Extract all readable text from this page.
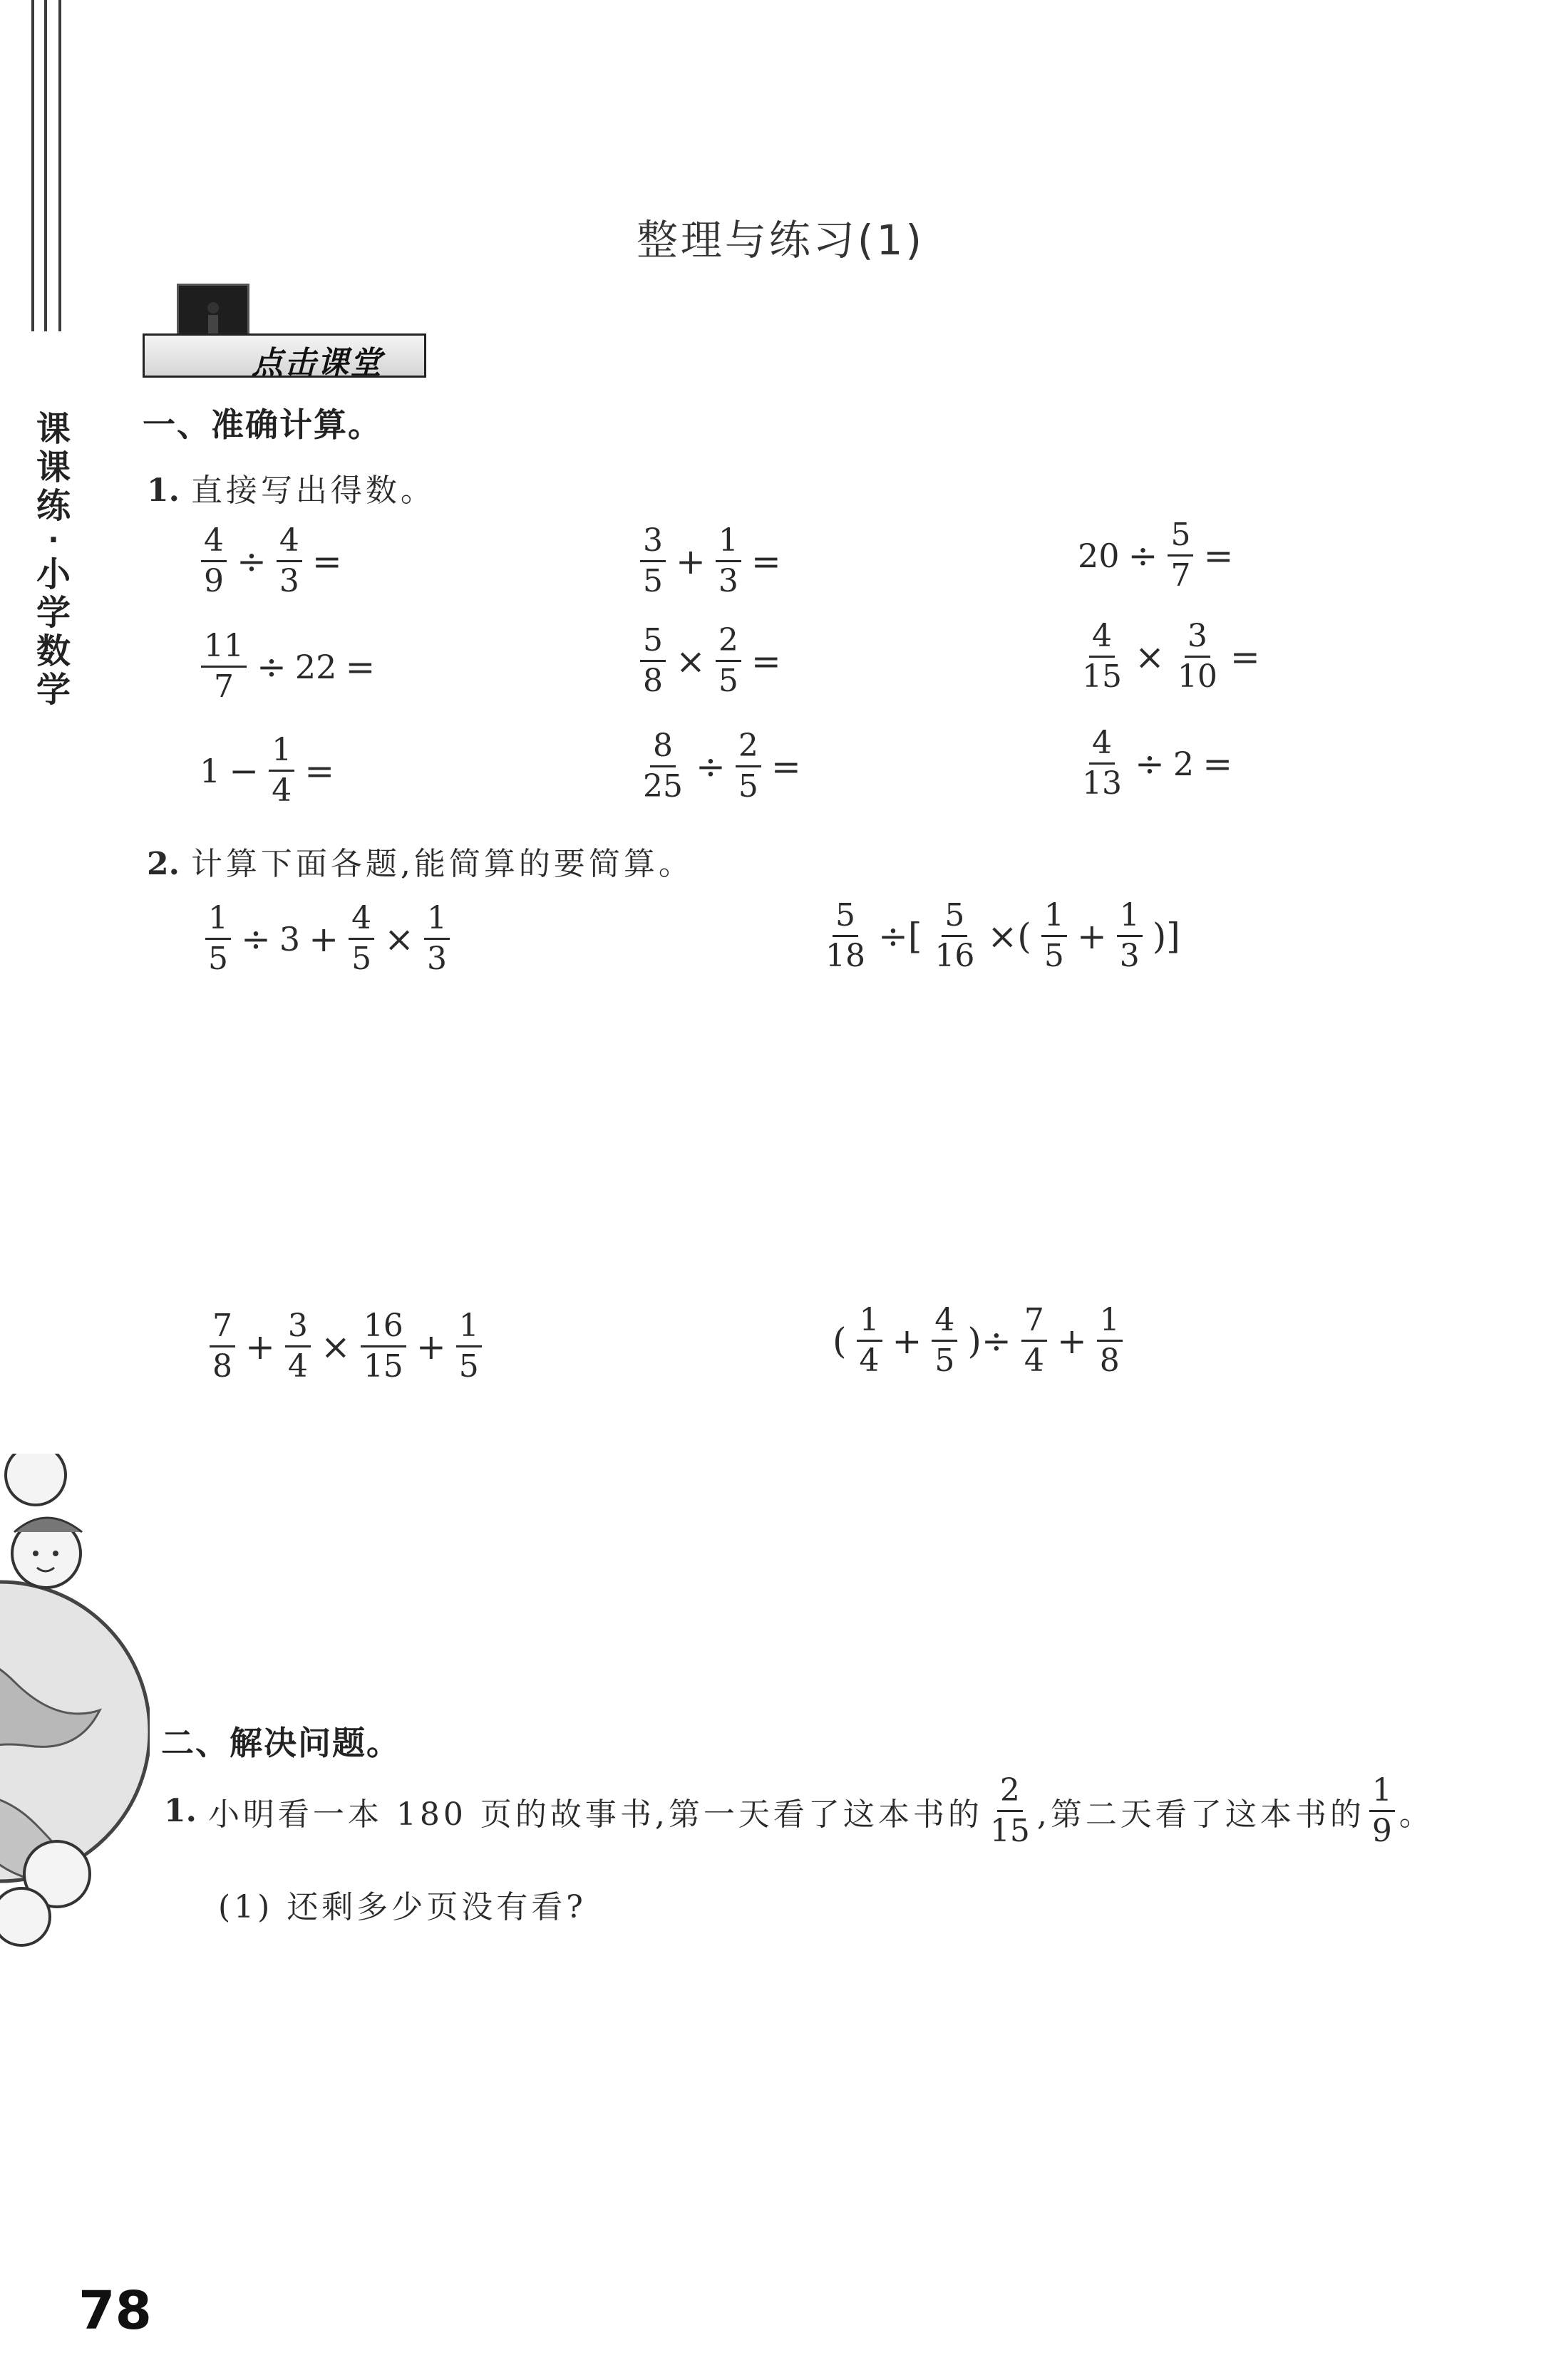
课
课
练
·
小
学
数
学
整理与练习(1)
点击课堂
一、准确计算。
1. 直接写出得数。
$\frac{4}{9} \div \frac{4}{3}$ =	$\frac{3}{5} + \frac{1}{3}$ =	$20 \div \frac{5}{7}$ =
$\frac{11}{7} \div 22$ =	$\frac{5}{8} \times \frac{2}{5}$ =	$\frac{4}{15} \times \frac{3}{10}$ =
$1 - \frac{1}{4}$ =	$\frac{8}{25} \div \frac{2}{5}$ =	$\frac{4}{13} \div 2$ =
2. 计算下面各题,能简算的要简算。
$\frac{1}{5} \div 3 + \frac{4}{5} \times \frac{1}{3}$	$\frac{5}{18}$ ÷[ $\frac{5}{16}$ ×( $\frac{1}{5} + \frac{1}{3}$ )]
$\frac{7}{8} + \frac{3}{4} \times \frac{16}{15} + \frac{1}{5}$	( $\frac{1}{4} + \frac{4}{5}$ )÷ $\frac{7}{4} + \frac{1}{8}$
二、解决问题。
1. 小明看一本 180 页的故事书,第一天看了这本书的 $\frac{2}{15}$ ,第二天看了这本书的 $\frac{1}{9}$ 。
(1) 还剩多少页没有看?
78
